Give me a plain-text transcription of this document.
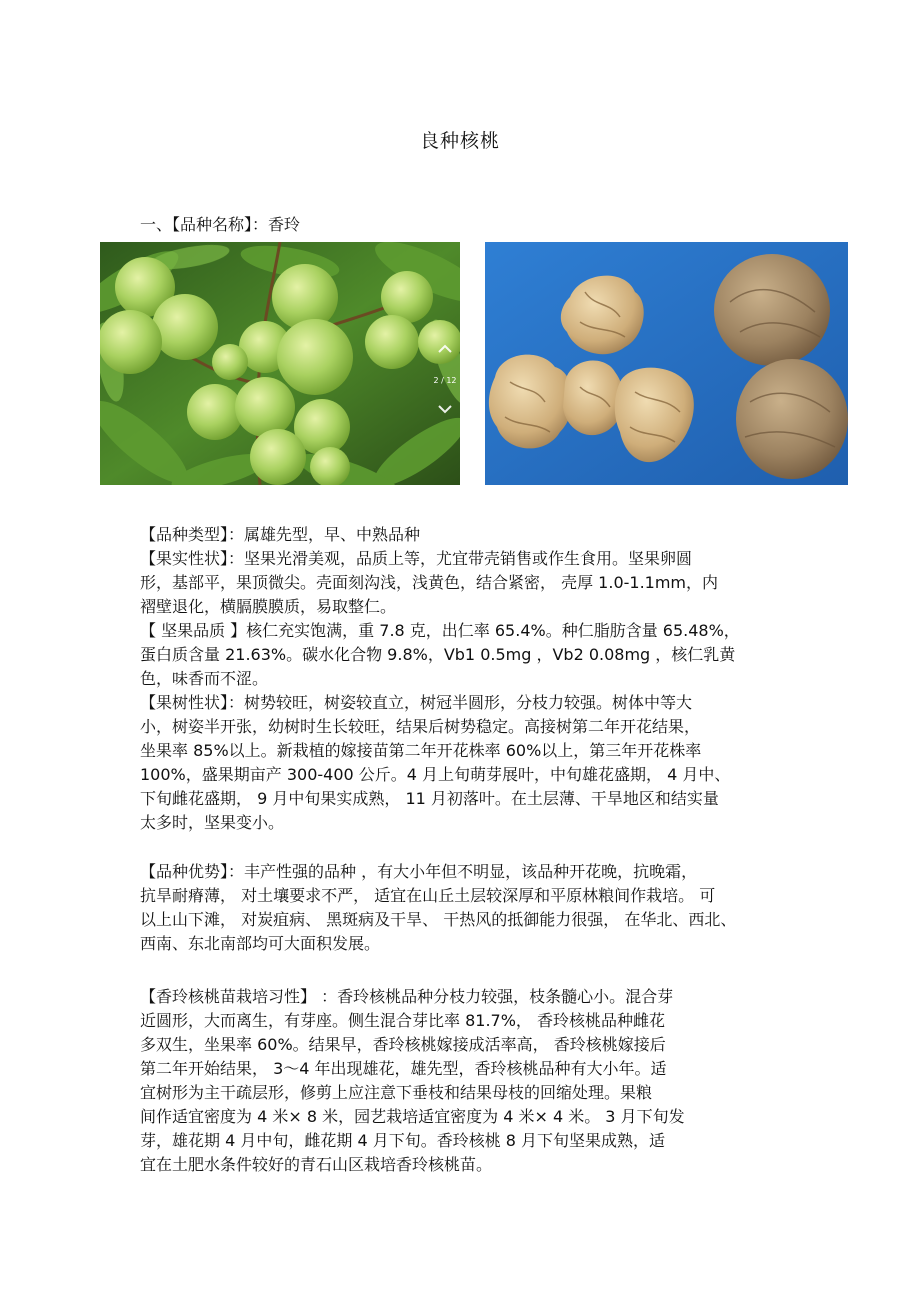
良种核桃
一、【品种名称】：香玲
2 / 12
【品种类型】：属雄先型，早、中熟品种
【果实性状】：坚果光滑美观，品质上等，尤宜带壳销售或作生食用。坚果卵圆
形，基部平，果顶微尖。壳面刻沟浅，浅黄色，结合紧密， 壳厚 1.0-1.1mm，内
褶壁退化，横膈膜膜质，易取整仁。
【 坚果品质 】核仁充实饱满，重 7.8 克，出仁率 65.4%。种仁脂肪含量 65.48%，
蛋白质含量 21.63%。碳水化合物 9.8%，Vb1 0.5mg ，Vb2 0.08mg ，核仁乳黄
色，味香而不涩。
【果树性状】：树势较旺，树姿较直立，树冠半圆形，分枝力较强。树体中等大
小，树姿半开张，幼树时生长较旺，结果后树势稳定。高接树第二年开花结果，
坐果率 85%以上。新栽植的嫁接苗第二年开花株率 60%以上，第三年开花株率
100%，盛果期亩产 300-400 公斤。4 月上旬萌芽展叶，中旬雄花盛期， 4 月中、
下旬雌花盛期， 9 月中旬果实成熟， 11 月初落叶。在土层薄、干旱地区和结实量
太多时，坚果变小。
【品种优势】：丰产性强的品种 ，有大小年但不明显，该品种开花晚，抗晚霜，
抗旱耐瘠薄， 对土壤要求不严， 适宜在山丘土层较深厚和平原林粮间作栽培。 可
以上山下滩， 对炭疽病、 黑斑病及干旱、 干热风的抵御能力很强， 在华北、西北、
西南、东北南部均可大面积发展。
【香玲核桃苗栽培习性】 ：香玲核桃品种分枝力较强，枝条髓心小。混合芽
近圆形，大而离生，有芽座。侧生混合芽比率 81.7%， 香玲核桃品种雌花
多双生，坐果率 60%。结果早，香玲核桃嫁接成活率高， 香玲核桃嫁接后
第二年开始结果， 3～4 年出现雄花，雄先型，香玲核桃品种有大小年。适
宜树形为主干疏层形，修剪上应注意下垂枝和结果母枝的回缩处理。果粮
间作适宜密度为 4 米× 8 米，园艺栽培适宜密度为 4 米× 4 米。 3 月下旬发
芽，雄花期 4 月中旬，雌花期 4 月下旬。香玲核桃 8 月下旬坚果成熟，适
宜在土肥水条件较好的青石山区栽培香玲核桃苗。
